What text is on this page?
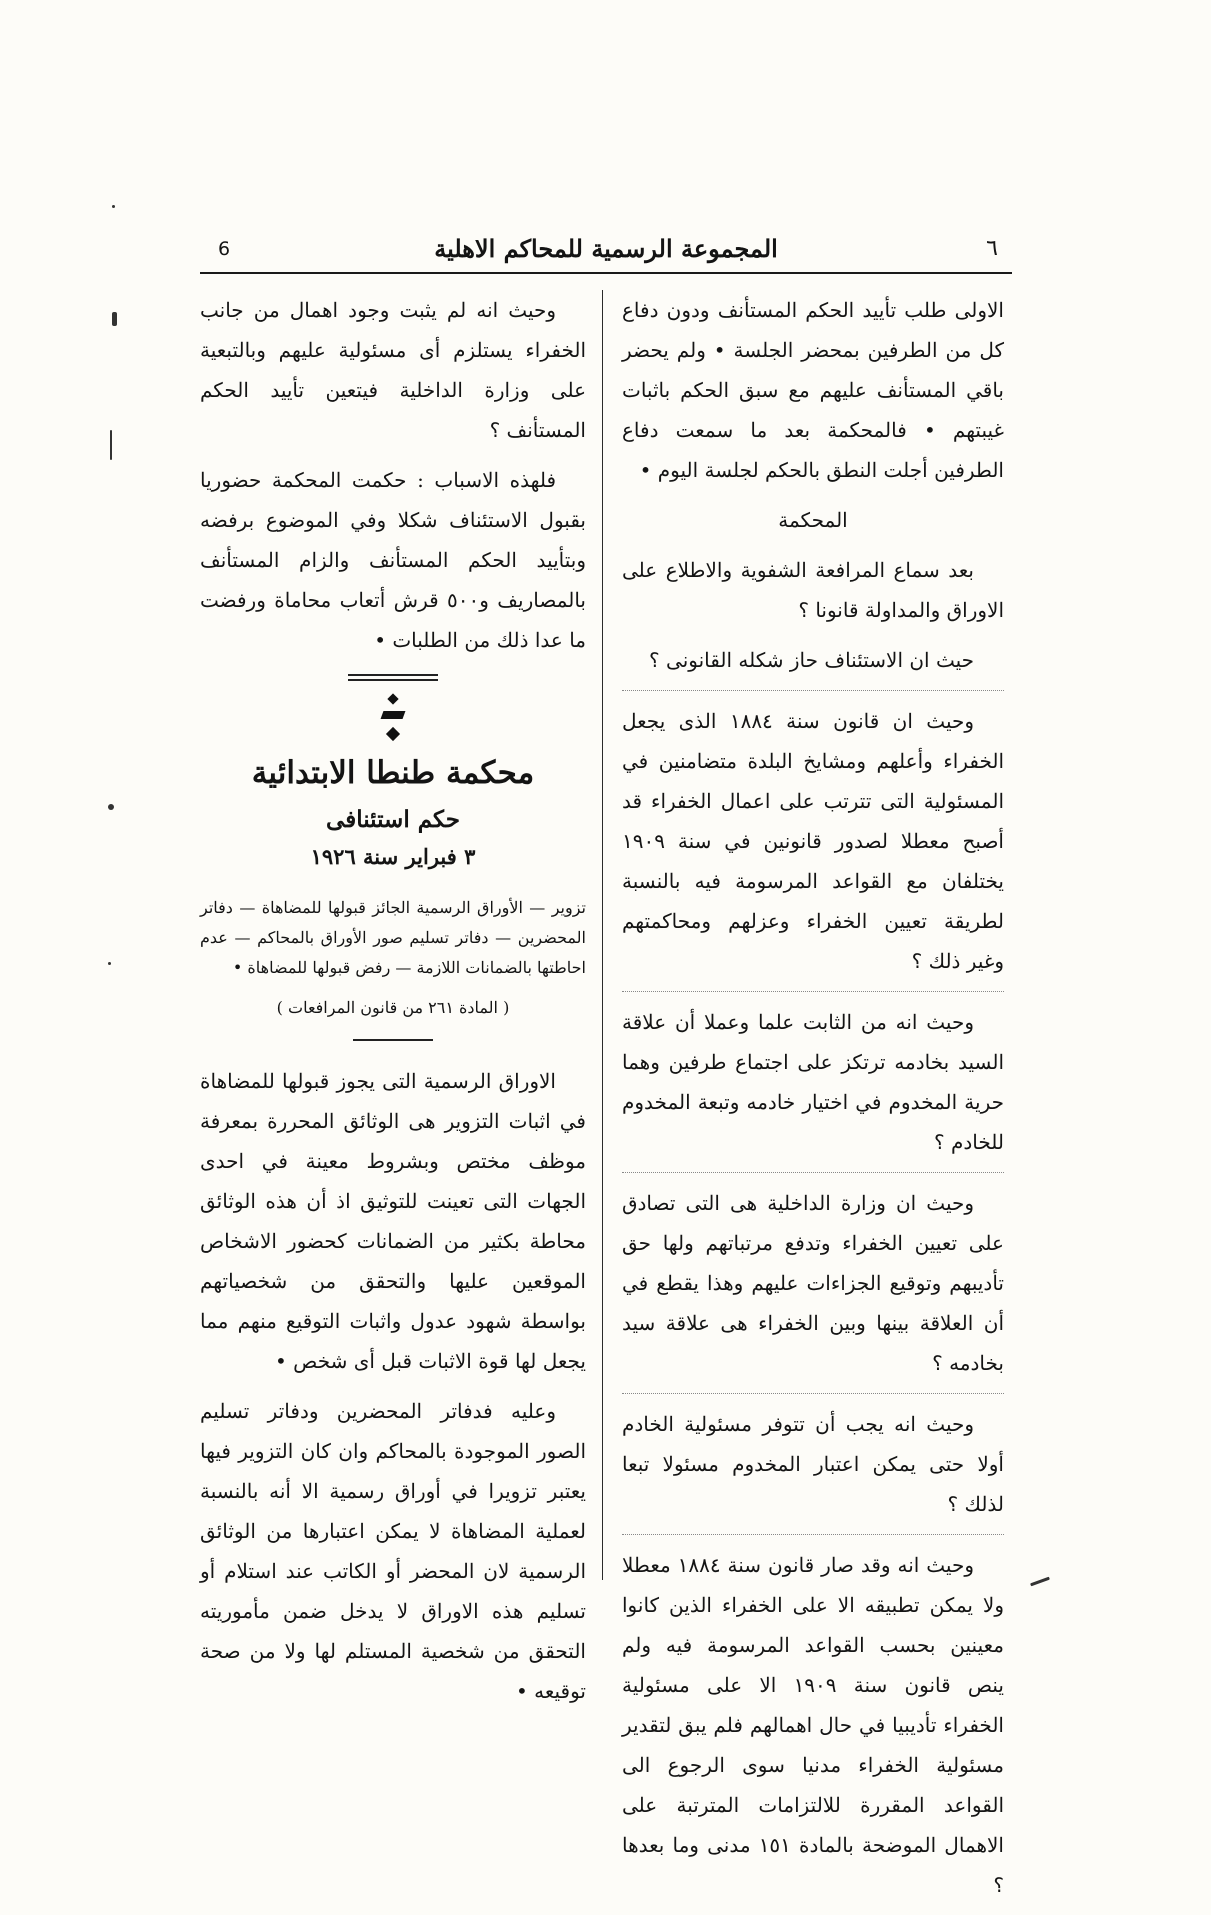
6	المجموعة الرسمية للمحاكم الاهلية	٦

الاولى طلب تأييد الحكم المستأنف ودون دفاع كل من الطرفين بمحضر الجلسة • ولم يحضر باقي المستأنف عليهم مع سبق الحكم باثبات غيبتهم • فالمحكمة بعد ما سمعت دفاع الطرفين أجلت النطق بالحكم لجلسة اليوم •

المحكمة

بعد سماع المرافعة الشفوية والاطلاع على الاوراق والمداولة قانونا ؟

حيث ان الاستئناف حاز شكله القانونى ؟

وحيث ان قانون سنة ١٨٨٤ الذى يجعل الخفراء وأعلهم ومشايخ البلدة متضامنين في المسئولية التى تترتب على اعمال الخفراء قد أصبح معطلا لصدور قانونين في سنة ١٩٠٩ يختلفان مع القواعد المرسومة فيه بالنسبة لطريقة تعيين الخفراء وعزلهم ومحاكمتهم وغير ذلك ؟

وحيث انه من الثابت علما وعملا أن علاقة السيد بخادمه ترتكز على اجتماع طرفين وهما حرية المخدوم في اختيار خادمه وتبعة المخدوم للخادم ؟

وحيث ان وزارة الداخلية هى التى تصادق على تعيين الخفراء وتدفع مرتباتهم ولها حق تأديبهم وتوقيع الجزاءات عليهم وهذا يقطع في أن العلاقة بينها وبين الخفراء هى علاقة سيد بخادمه ؟

وحيث انه يجب أن تتوفر مسئولية الخادم أولا حتى يمكن اعتبار المخدوم مسئولا تبعا لذلك ؟

وحيث انه وقد صار قانون سنة ١٨٨٤ معطلا ولا يمكن تطبيقه الا على الخفراء الذين كانوا معينين بحسب القواعد المرسومة فيه ولم ينص قانون سنة ١٩٠٩ الا على مسئولية الخفراء تأديبيا في حال اهمالهم فلم يبق لتقدير مسئولية الخفراء مدنيا سوى الرجوع الى القواعد المقررة للالتزامات المترتبة على الاهمال الموضحة بالمادة ١٥١ مدنى وما بعدها ؟

وحيث انه لم يثبت وجود اهمال من جانب الخفراء يستلزم أى مسئولية عليهم وبالتبعية على وزارة الداخلية فيتعين تأييد الحكم المستأنف ؟

فلهذه الاسباب : حكمت المحكمة حضوريا بقبول الاستئناف شكلا وفي الموضوع برفضه وبتأييد الحكم المستأنف والزام المستأنف بالمصاريف و٥٠٠ قرش أتعاب محاماة ورفضت ما عدا ذلك من الطلبات •

محكمة طنطا الابتدائية
حكم استئنافى
٣ فبراير سنة ١٩٢٦

تزوير — الأوراق الرسمية الجائز قبولها للمضاهاة — دفاتر المحضرين — دفاتر تسليم صور الأوراق بالمحاكم — عدم احاطتها بالضمانات اللازمة — رفض قبولها للمضاهاة •

( المادة ٢٦١ من قانون المرافعات )

الاوراق الرسمية التى يجوز قبولها للمضاهاة في اثبات التزوير هى الوثائق المحررة بمعرفة موظف مختص وبشروط معينة في احدى الجهات التى تعينت للتوثيق اذ أن هذه الوثائق محاطة بكثير من الضمانات كحضور الاشخاص الموقعين عليها والتحقق من شخصياتهم بواسطة شهود عدول واثبات التوقيع منهم مما يجعل لها قوة الاثبات قبل أى شخص •

وعليه فدفاتر المحضرين ودفاتر تسليم الصور الموجودة بالمحاكم وان كان التزوير فيها يعتبر تزويرا في أوراق رسمية الا أنه بالنسبة لعملية المضاهاة لا يمكن اعتبارها من الوثائق الرسمية لان المحضر أو الكاتب عند استلام أو تسليم هذه الاوراق لا يدخل ضمن مأموريته التحقق من شخصية المستلم لها ولا من صحة توقيعه •
